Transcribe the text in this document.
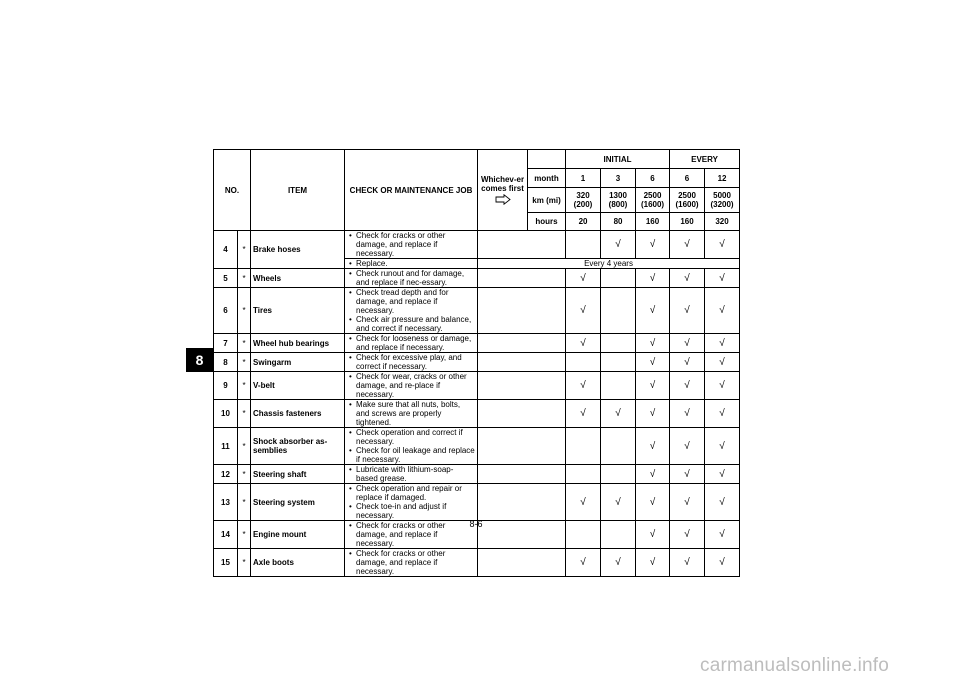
8
NO.		ITEM	CHECK OR MAINTENANCE JOB	Whichev-er comes first		INITIAL			EVERY	
					month	1	3	6	6	12
					km (mi)	320 (200)	1300 (800)	2500 (1600)	2500 (1600)	5000 (3200)
					hours	20	80	160	160	320
4	*	Brake hoses	• Check for cracks or other damage, and replace if necessary.				√	√	√	√

			• Replace.	Every 4 years						
5	*	Wheels	• Check runout and for damage, and replace if nec-essary.			√		√	√	√
6	*	Tires	• Check tread depth and for damage, and replace if necessary.
• Check air pressure and balance, and correct if necessary.			√		√	√	√
7	*	Wheel hub bearings	• Check for looseness or damage, and replace if necessary.			√		√	√	√
8	*	Swingarm	• Check for excessive play, and correct if necessary.					√	√	√
9	*	V-belt	• Check for wear, cracks or other damage, and re-place if necessary.			√		√	√	√
10	*	Chassis fasteners	• Make sure that all nuts, bolts, and screws are properly tightened.			√	√	√	√	√
11	*	Shock absorber as-semblies	• Check operation and correct if necessary.
• Check for oil leakage and replace if necessary.					√	√	√
12	*	Steering shaft	• Lubricate with lithium-soap-based grease.					√	√	√
13	*	Steering system	• Check operation and repair or replace if damaged.
• Check toe-in and adjust if necessary.			√	√	√	√	√
14	*	Engine mount	• Check for cracks or other damage, and replace if necessary.					√	√	√
15	*	Axle boots	• Check for cracks or other damage, and replace if necessary.			√	√	√	√	√
8-6
carmanualsonline.info
